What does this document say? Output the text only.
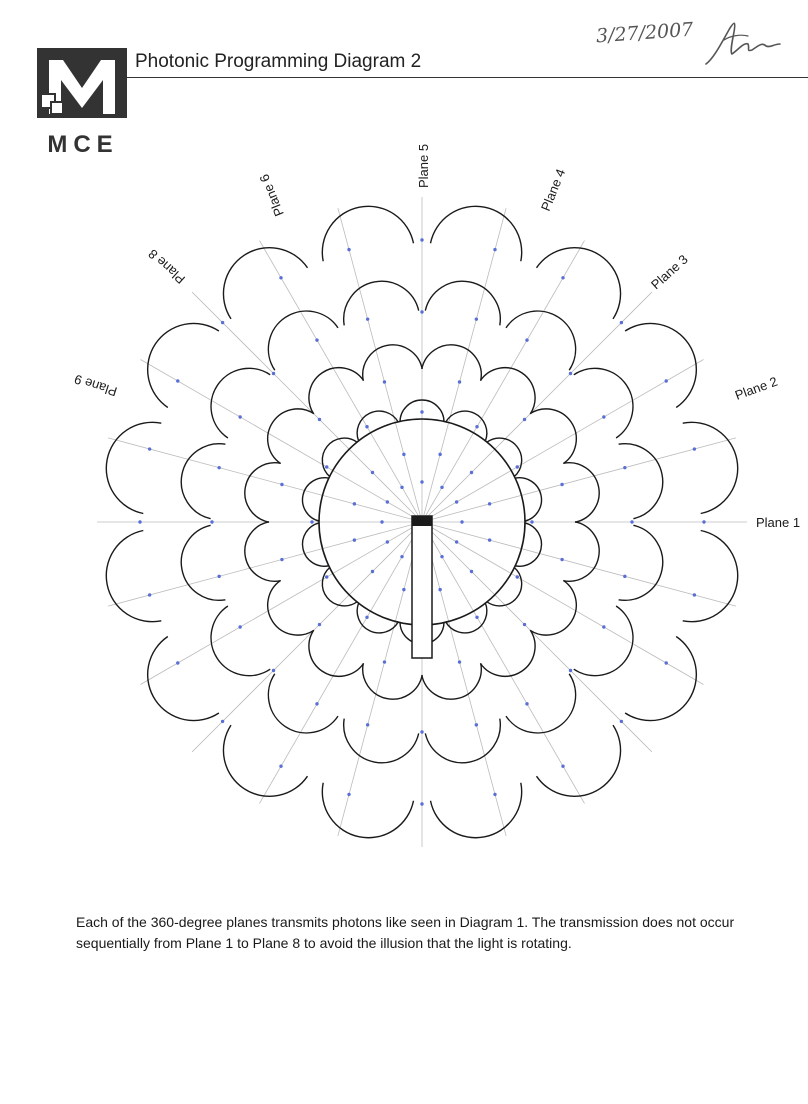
MCE
Photonic Programming Diagram 2
3/27/2007
Plane 1
Plane 2
Plane 3
Plane 4
Plane 5
Plane 6
Plane 8
Plane 9
Each of the 360-degree planes transmits photons like seen in Diagram 1. The transmission does not occur sequentially from Plane 1 to Plane 8 to avoid the illusion that the light is rotating.
